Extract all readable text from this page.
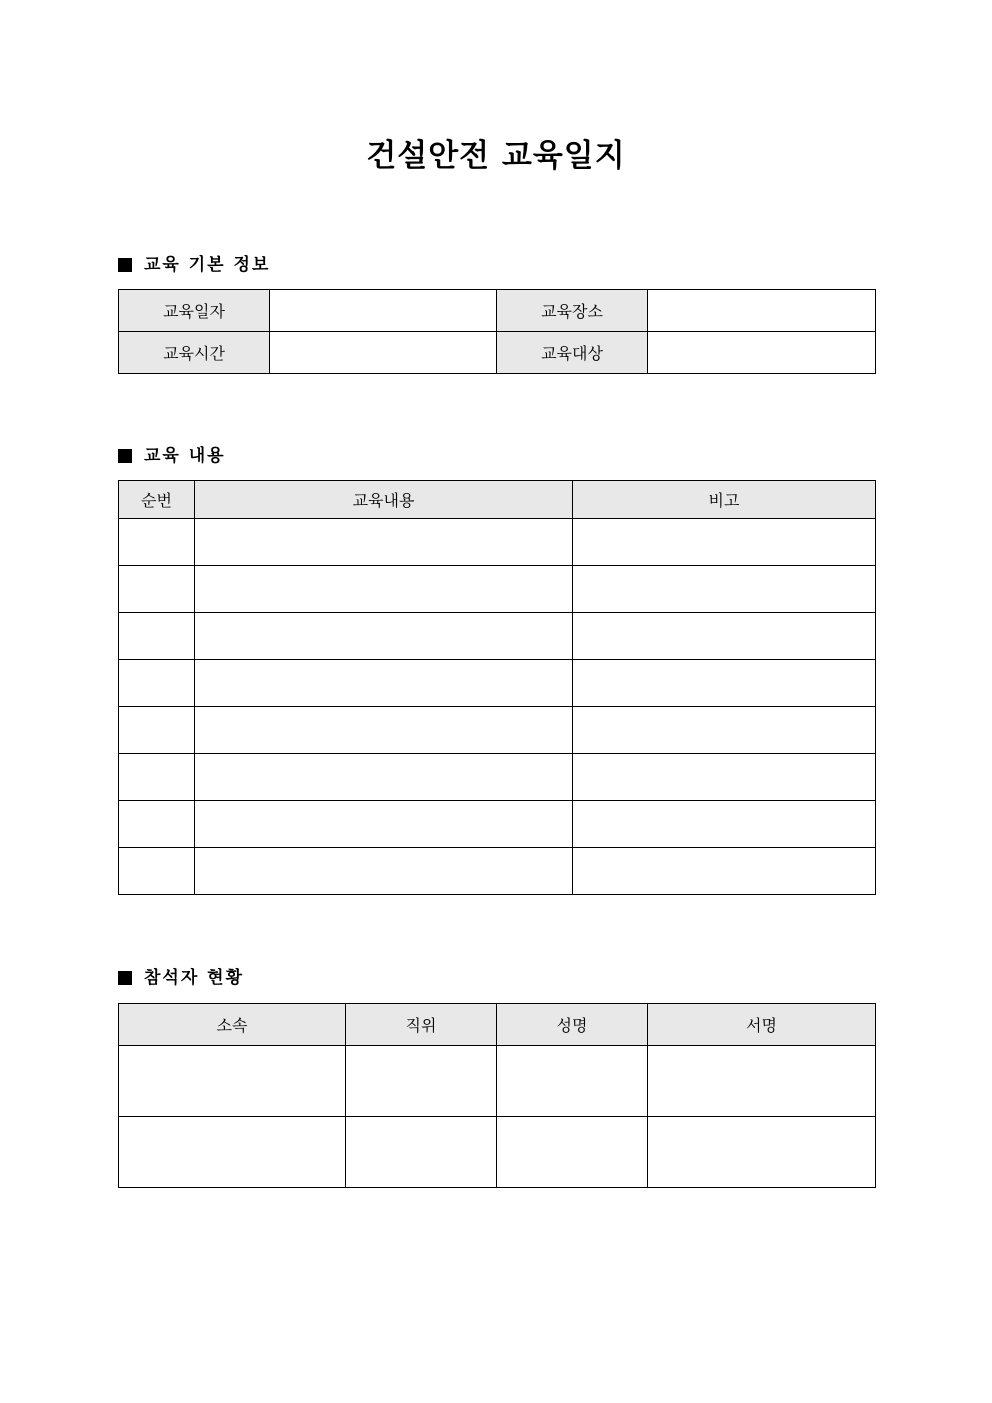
건설안전 교육일지
교육 기본 정보
교육일자		교육장소	
교육시간		교육대상	
교육 내용
순번	교육내용	비고

참석자 현황
소속	직위	성명	서명
